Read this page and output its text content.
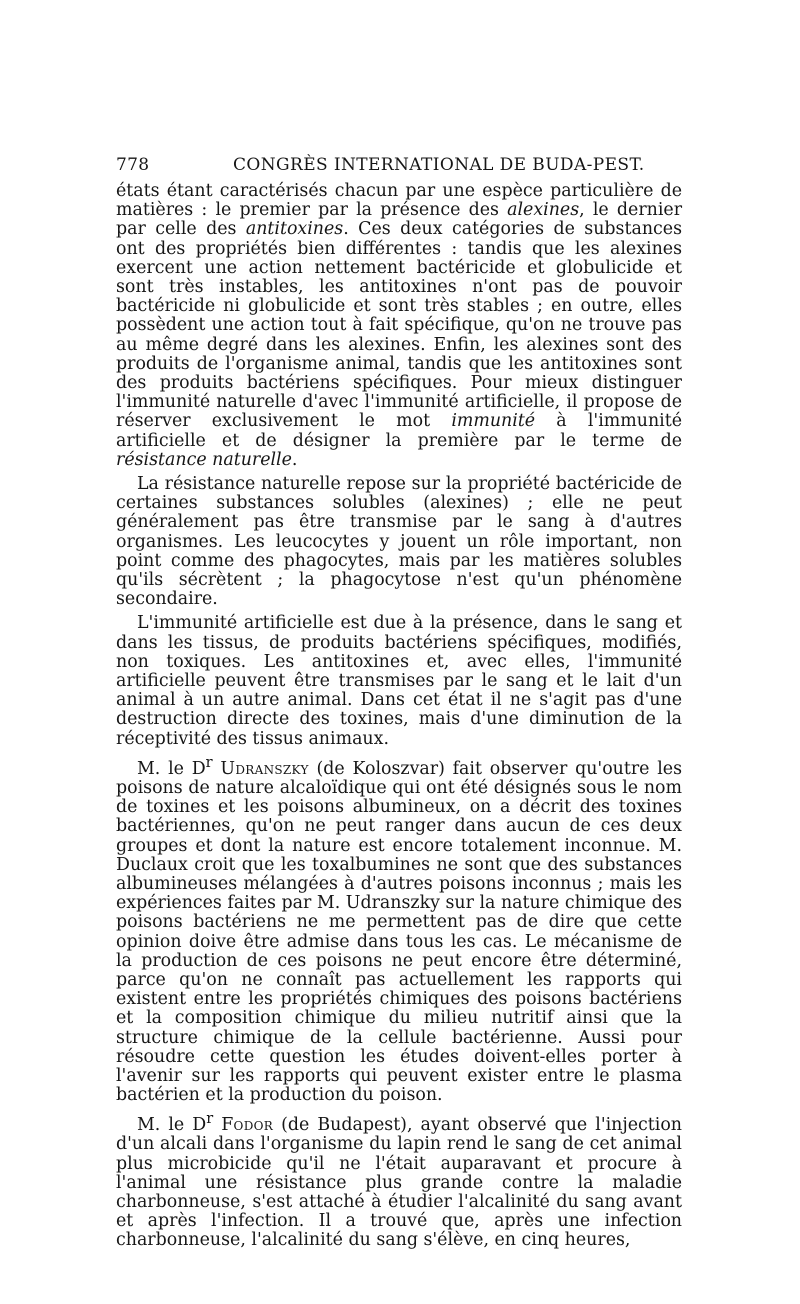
778	CONGRÈS INTERNATIONAL DE BUDA-PEST.

états étant caractérisés chacun par une espèce particulière de matières : le premier par la présence des alexines, le dernier par celle des antitoxines. Ces deux catégories de substances ont des propriétés bien différentes : tandis que les alexines exercent une action nettement bactéricide et globulicide et sont très instables, les antitoxines n'ont pas de pouvoir bactéricide ni globulicide et sont très stables ; en outre, elles possèdent une action tout à fait spécifique, qu'on ne trouve pas au même degré dans les alexines. Enfin, les alexines sont des produits de l'organisme animal, tandis que les antitoxines sont des produits bactériens spécifiques. Pour mieux distinguer l'immunité naturelle d'avec l'immunité artificielle, il propose de réserver exclusivement le mot immunité à l'immunité artificielle et de désigner la première par le terme de résistance naturelle.

La résistance naturelle repose sur la propriété bactéricide de certaines substances solubles (alexines) ; elle ne peut généralement pas être transmise par le sang à d'autres organismes. Les leucocytes y jouent un rôle important, non point comme des phagocytes, mais par les matières solubles qu'ils sécrètent ; la phagocytose n'est qu'un phénomène secondaire.

L'immunité artificielle est due à la présence, dans le sang et dans les tissus, de produits bactériens spécifiques, modifiés, non toxiques. Les antitoxines et, avec elles, l'immunité artificielle peuvent être transmises par le sang et le lait d'un animal à un autre animal. Dans cet état il ne s'agit pas d'une destruction directe des toxines, mais d'une diminution de la réceptivité des tissus animaux.

M. le $D^r$ Udranszky (de Koloszvar) fait observer qu'outre les poisons de nature alcaloïdique qui ont été désignés sous le nom de toxines et les poisons albumineux, on a décrit des toxines bactériennes, qu'on ne peut ranger dans aucun de ces deux groupes et dont la nature est encore totalement inconnue. M. Duclaux croit que les toxalbumines ne sont que des substances albumineuses mélangées à d'autres poisons inconnus ; mais les expériences faites par M. Udranszky sur la nature chimique des poisons bactériens ne me permettent pas de dire que cette opinion doive être admise dans tous les cas. Le mécanisme de la production de ces poisons ne peut encore être déterminé, parce qu'on ne connaît pas actuellement les rapports qui existent entre les propriétés chimiques des poisons bactériens et la composition chimique du milieu nutritif ainsi que la structure chimique de la cellule bactérienne. Aussi pour résoudre cette question les études doivent-elles porter à l'avenir sur les rapports qui peuvent exister entre le plasma bactérien et la production du poison.

M. le $D^r$ Fodor (de Budapest), ayant observé que l'injection d'un alcali dans l'organisme du lapin rend le sang de cet animal plus microbicide qu'il ne l'était auparavant et procure à l'animal une résistance plus grande contre la maladie charbonneuse, s'est attaché à étudier l'alcalinité du sang avant et après l'infection. Il a trouvé que, après une infection charbonneuse, l'alcalinité du sang s'élève, en cinq heures,
